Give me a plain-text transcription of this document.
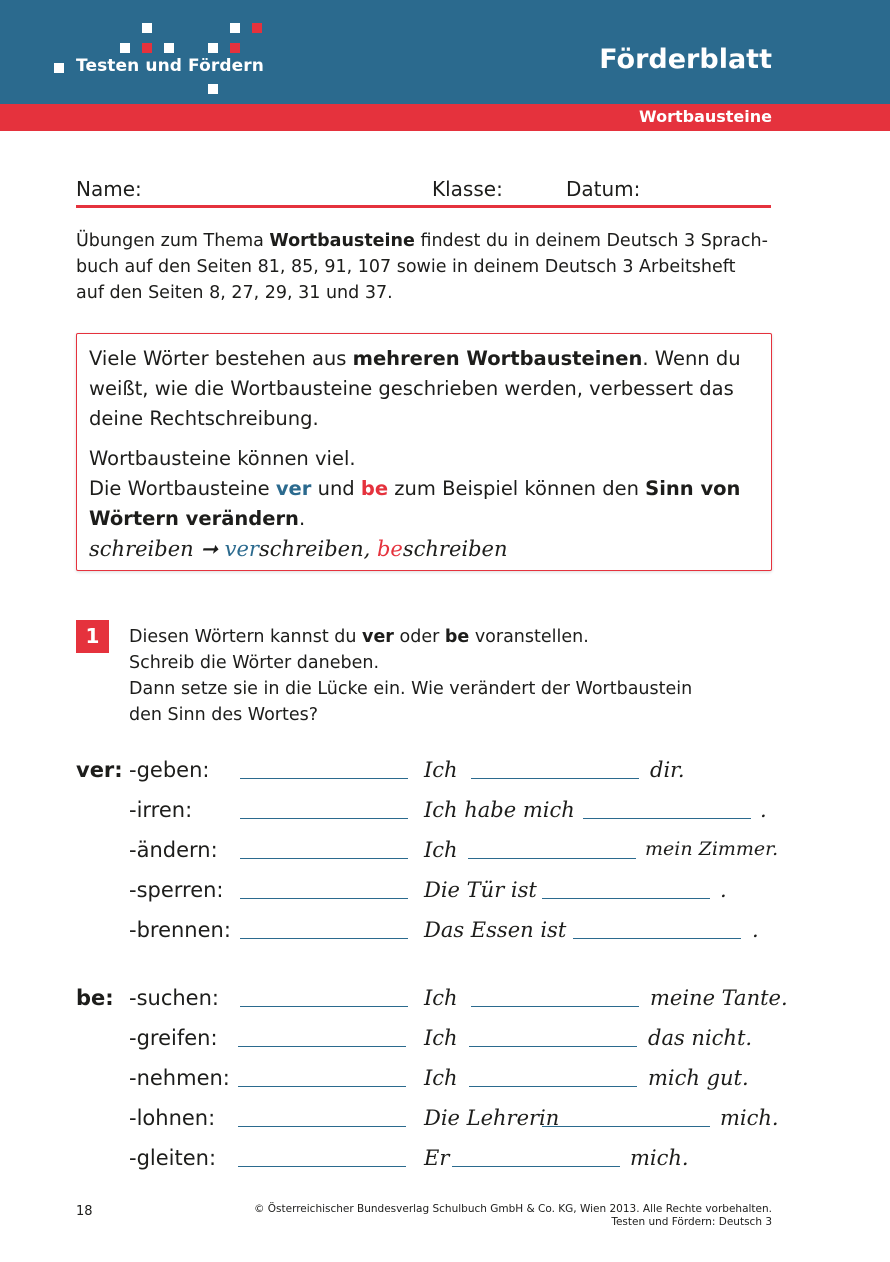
Testen und Fördern	Förderblatt
Wortbausteine
Name:	Klasse:	Datum:
Übungen zum Thema Wortbausteine findest du in deinem Deutsch 3 Sprach-
buch auf den Seiten 81, 85, 91, 107 sowie in deinem Deutsch 3 Arbeitsheft
auf den Seiten 8, 27, 29, 31 und 37.

Viele Wörter bestehen aus mehreren Wortbausteinen. Wenn du
weißt, wie die Wortbausteine geschrieben werden, verbessert das
deine Rechtschreibung.

Wortbausteine können viel.
Die Wortbausteine ver und be zum Beispiel können den Sinn von
Wörtern verändern.

schreiben ➞ verschreiben, beschreiben

1	Diesen Wörtern kannst du ver oder be voranstellen.
Schreib die Wörter daneben.
Dann setze sie in die Lücke ein. Wie verändert der Wortbaustein
den Sinn des Wortes?
ver: -geben:	Ich	dir.
-irren:	Ich habe mich	.
-ändern:	Ich	mein Zimmer.
-sperren:	Die Tür ist	.
-brennen:	Das Essen ist	.
be: -suchen:	Ich	meine Tante.
-greifen:	Ich	das nicht.
-nehmen:	Ich	mich gut.
-lohnen:	Die Lehrerin	mich.
-gleiten:	Er	mich.
18	© Österreichischer Bundesverlag Schulbuch GmbH & Co. KG, Wien 2013. Alle Rechte vorbehalten.
Testen und Fördern: Deutsch 3
